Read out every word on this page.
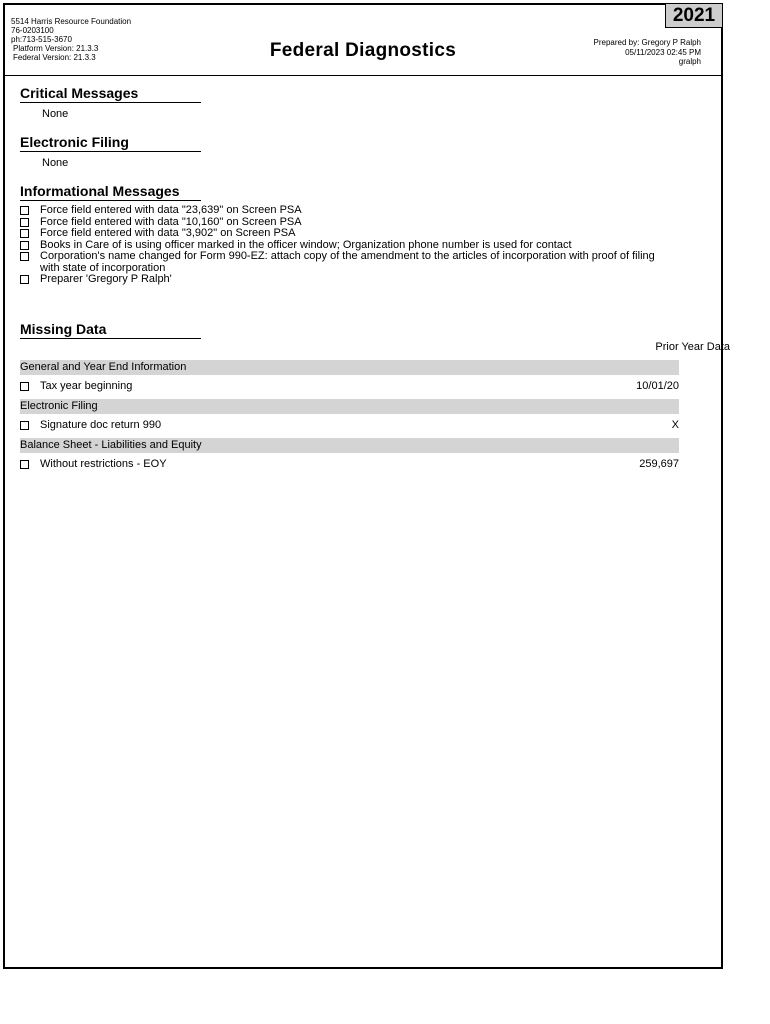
5514 Harris Resource Foundation
76-0203100
ph:713-515-3670
Platform Version: 21.3.3
Federal Version: 21.3.3	Federal Diagnostics
2021
Prepared by: Gregory P Ralph
05/11/2023 02:45 PM
gralph
Critical Messages
None
Electronic Filing
None
Informational Messages
Force field entered with data "23,639" on Screen PSA
Force field entered with data "10,160" on Screen PSA
Force field entered with data "3,902" on Screen PSA
Books in Care of is using officer marked in the officer window; Organization phone number is used for contact
Corporation's name changed for Form 990-EZ: attach copy of the amendment to the articles of incorporation with proof of filing with state of incorporation
Preparer 'Gregory P Ralph'
Missing Data
Prior Year Data
General and Year End Information
Tax year beginning	10/01/20
Electronic Filing
Signature doc return 990	X
Balance Sheet - Liabilities and Equity
Without restrictions - EOY	259,697
